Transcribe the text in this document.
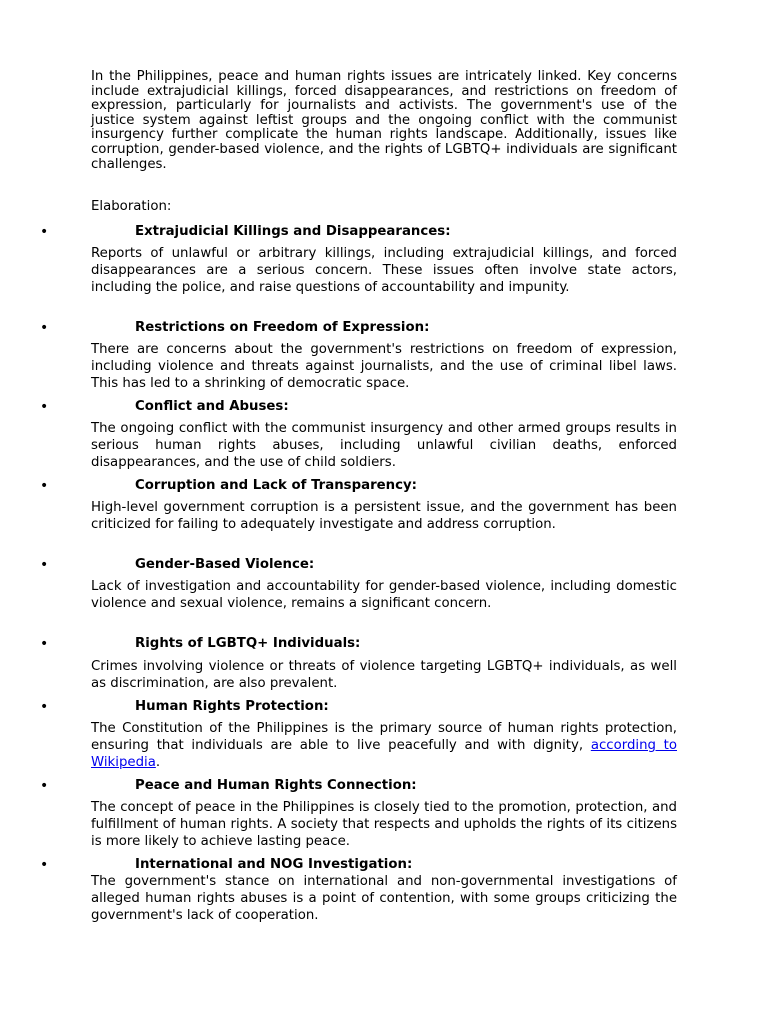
In the Philippines, peace and human rights issues are intricately linked. Key concerns include extrajudicial killings, forced disappearances, and restrictions on freedom of expression, particularly for journalists and activists. The government's use of the justice system against leftist groups and the ongoing conflict with the communist insurgency further complicate the human rights landscape. Additionally, issues like corruption, gender-based violence, and the rights of LGBTQ+ individuals are significant challenges.

Elaboration:

•	Extrajudicial Killings and Disappearances:

Reports of unlawful or arbitrary killings, including extrajudicial killings, and forced disappearances are a serious concern. These issues often involve state actors, including the police, and raise questions of accountability and impunity.

•	Restrictions on Freedom of Expression:

There are concerns about the government's restrictions on freedom of expression, including violence and threats against journalists, and the use of criminal libel laws. This has led to a shrinking of democratic space.

•	Conflict and Abuses:

The ongoing conflict with the communist insurgency and other armed groups results in serious human rights abuses, including unlawful civilian deaths, enforced disappearances, and the use of child soldiers.

•	Corruption and Lack of Transparency:

High-level government corruption is a persistent issue, and the government has been criticized for failing to adequately investigate and address corruption.

•	Gender-Based Violence:

Lack of investigation and accountability for gender-based violence, including domestic violence and sexual violence, remains a significant concern.

•	Rights of LGBTQ+ Individuals:

Crimes involving violence or threats of violence targeting LGBTQ+ individuals, as well as discrimination, are also prevalent.

•	Human Rights Protection:

The Constitution of the Philippines is the primary source of human rights protection, ensuring that individuals are able to live peacefully and with dignity, according to Wikipedia.

•	Peace and Human Rights Connection:

The concept of peace in the Philippines is closely tied to the promotion, protection, and fulfillment of human rights. A society that respects and upholds the rights of its citizens is more likely to achieve lasting peace.

•	International and NOG Investigation:

The government's stance on international and non-governmental investigations of alleged human rights abuses is a point of contention, with some groups criticizing the government's lack of cooperation.
